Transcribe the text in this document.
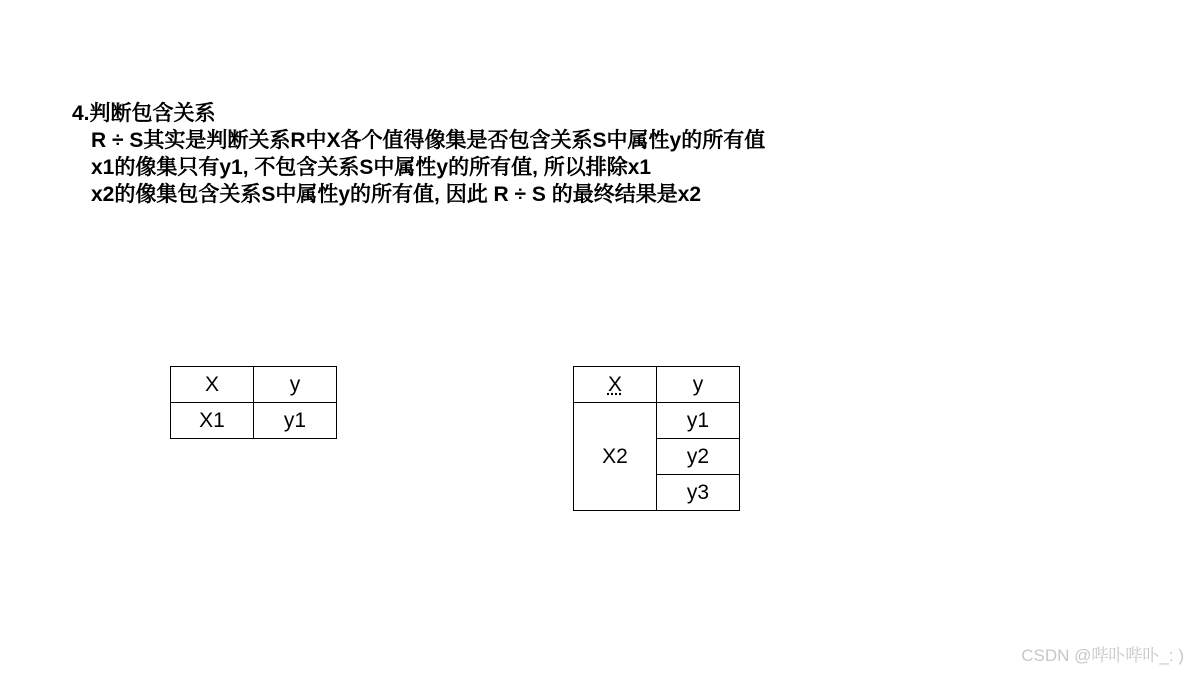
4.判断包含关系
R ÷ S其实是判断关系R中X各个值得像集是否包含关系S中属性y的所有值
x1的像集只有y1, 不包含关系S中属性y的所有值, 所以排除x1
x2的像集包含关系S中属性y的所有值, 因此 R ÷ S 的最终结果是x2
X	y
X1	y1
X	y
X2	y1
	y2
	y3
CSDN @哔卟哔卟_: )
